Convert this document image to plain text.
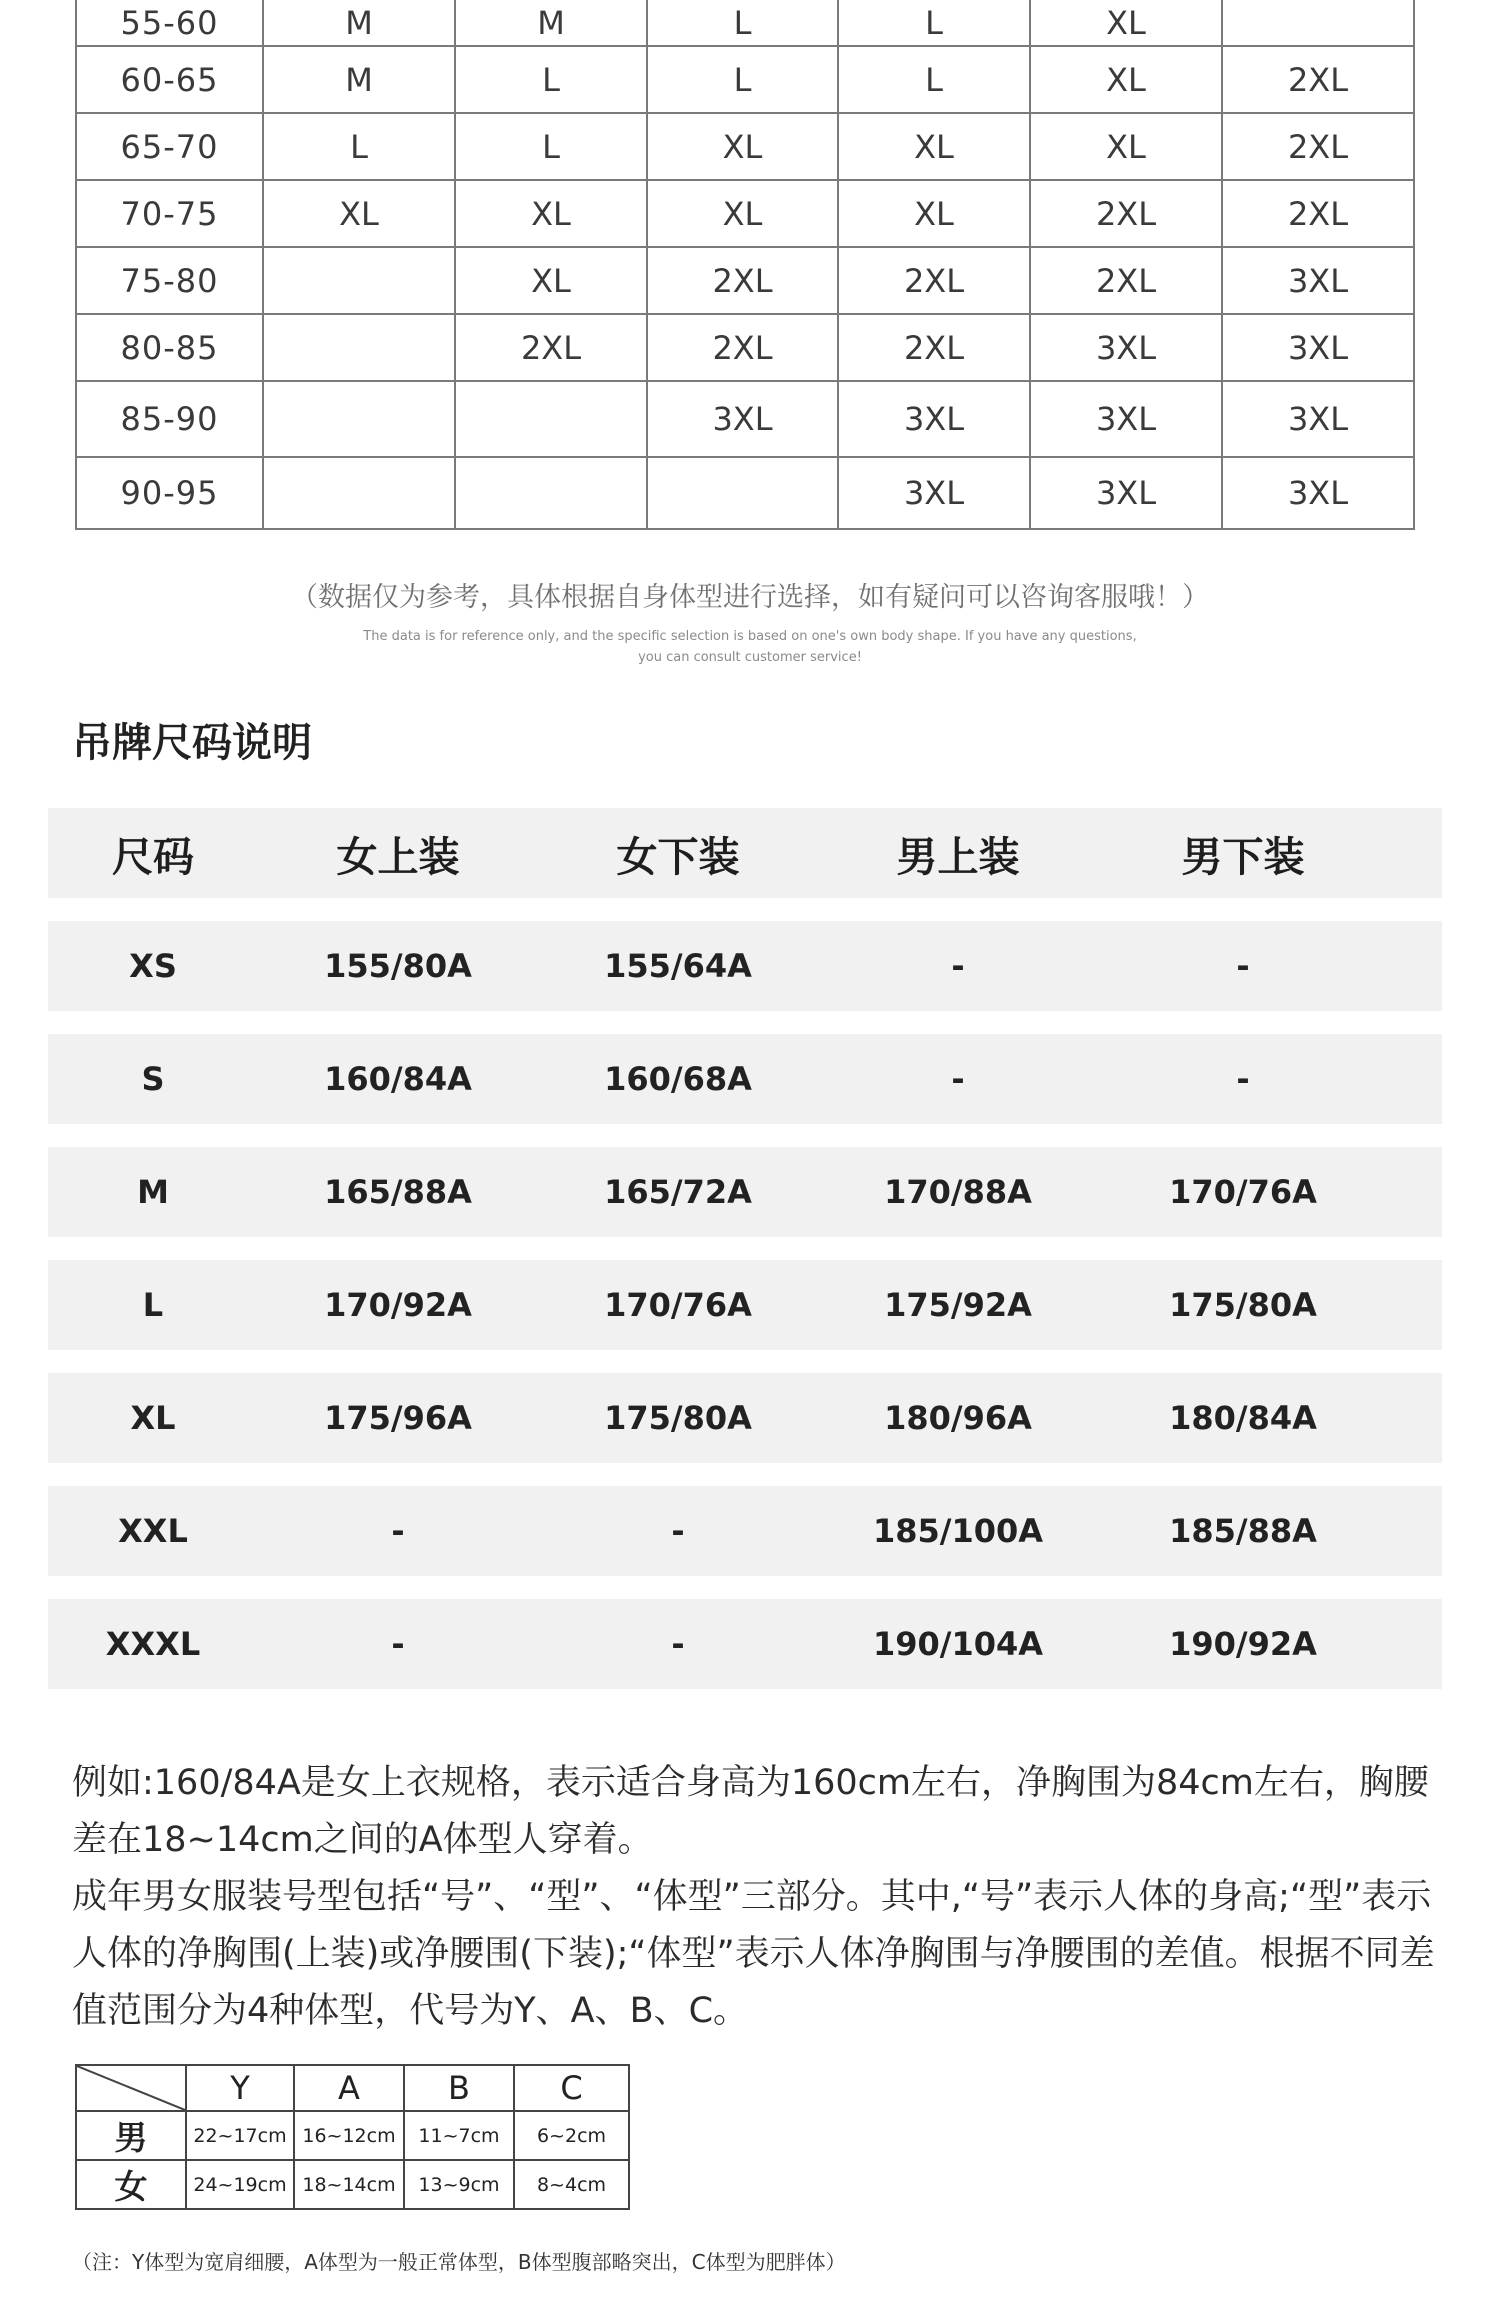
55-60	M	M	L	L	XL	
60-65	M	L	L	L	XL	2XL
65-70	L	L	XL	XL	XL	2XL
70-75	XL	XL	XL	XL	2XL	2XL
75-80		XL	2XL	2XL	2XL	3XL
80-85		2XL	2XL	2XL	3XL	3XL
85-90			3XL	3XL	3XL	3XL
90-95				3XL	3XL	3XL
（数据仅为参考，具体根据自身体型进行选择，如有疑问可以咨询客服哦！）
The data is for reference only, and the specific selection is based on one's own body shape. If you have any questions,
you can consult customer service!
吊牌尺码说明
尺码	女上装	女下装	男上装	男下装
XS	155/80A	155/64A	-	-
S	160/84A	160/68A	-	-
M	165/88A	165/72A	170/88A	170/76A
L	170/92A	170/76A	175/92A	175/80A
XL	175/96A	175/80A	180/96A	180/84A
XXL	-	-	185/100A	185/88A
XXXL	-	-	190/104A	190/92A

例如:160/84A是女上衣规格，表示适合身高为160cm左右，净胸围为84cm左右，胸腰差在18~14cm之间的A体型人穿着。

成年男女服装号型包括“号”、“型”、“体型”三部分。其中,“号”表示人体的身高;“型”表示人体的净胸围(上装)或净腰围(下装);“体型”表示人体净胸围与净腰围的差值。根据不同差值范围分为4种体型，代号为Y、A、B、C。

	Y	A	B	C
男	22~17cm	16~12cm	11~7cm	6~2cm
女	24~19cm	18~14cm	13~9cm	8~4cm
（注：Y体型为宽肩细腰，A体型为一般正常体型，B体型腹部略突出，C体型为肥胖体）
